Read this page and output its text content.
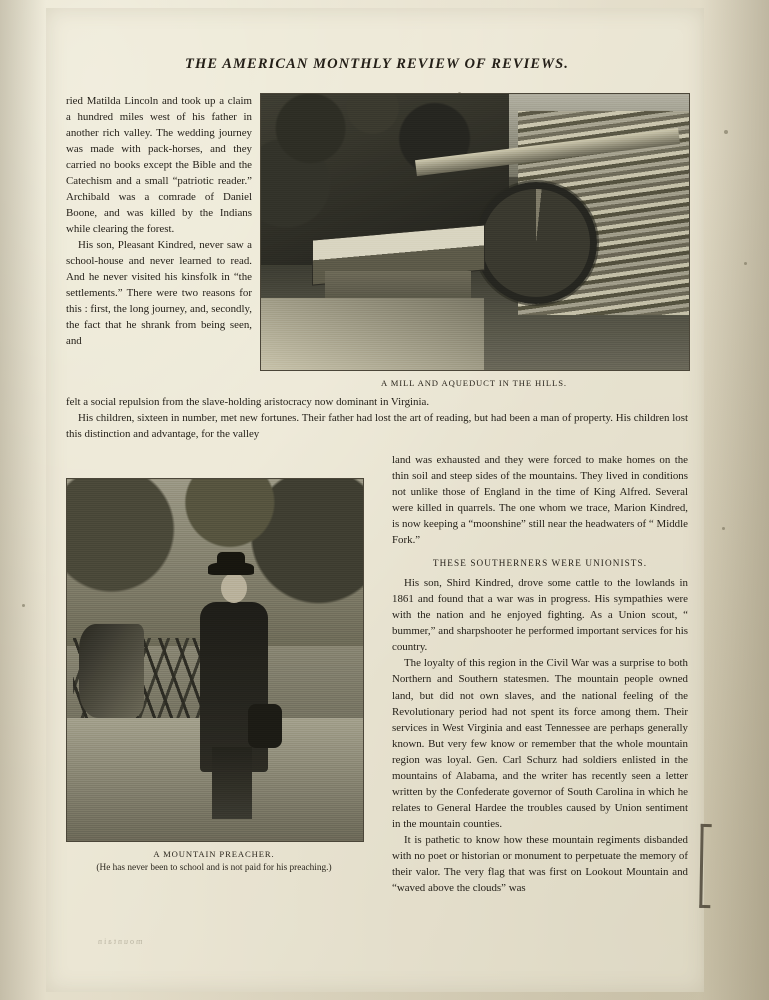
THE AMERICAN MONTHLY REVIEW OF REVIEWS.
A MILL AND AQUEDUCT IN THE HILLS.

ried Matilda Lincoln and took up a claim a hundred miles west of his father in another rich valley. The wedding journey was made with pack-horses, and they carried no books except the Bible and the Catechism and a small “patriotic reader.” Archibald was a comrade of Daniel Boone, and was killed by the Indians while clearing the forest.

His son, Pleasant Kindred, never saw a school-house and never learned to read. And he never visited his kinsfolk in “the settlements.” There were two reasons for this : first, the long journey, and, secondly, the fact that he shrank from being seen, and

felt a social repulsion from the slave-holding aristocracy now dominant in Virginia.

His children, sixteen in number, met new fortunes. Their father had lost the art of reading, but had been a man of property. His children lost this distinction and advantage, for the valley

A MOUNTAIN PREACHER.
(He has never been to school and is not paid for his preaching.)

land was exhausted and they were forced to make homes on the thin soil and steep sides of the mountains. They lived in conditions not unlike those of England in the time of King Alfred. Several were killed in quarrels. The one whom we trace, Marion Kindred, is now keeping a “moonshine” still near the headwaters of “ Middle Fork.”

THESE SOUTHERNERS WERE UNIONISTS.

His son, Shird Kindred, drove some cattle to the lowlands in 1861 and found that a war was in progress. His sympathies were with the nation and he enjoyed fighting. As a Union scout, “ bummer,” and sharpshooter he performed important services for his country.

The loyalty of this region in the Civil War was a surprise to both Northern and Southern statesmen. The mountain people owned land, but did not own slaves, and the national feeling of the Revolutionary period had not spent its force among them. Their services in West Virginia and east Tennessee are perhaps generally known. But very few know or remember that the whole mountain region was loyal. Gen. Carl Schurz had soldiers enlisted in the mountains of Alabama, and the writer has recently seen a letter written by the Confederate governor of South Carolina in which he relates to General Hardee the troubles caused by Union sentiment in the mountain counties.

It is pathetic to know how these mountain regiments disbanded with no poet or historian or monument to perpetuate the memory of their valor. The very flag that was first on Lookout Mountain and “waved above the clouds” was

mountain
